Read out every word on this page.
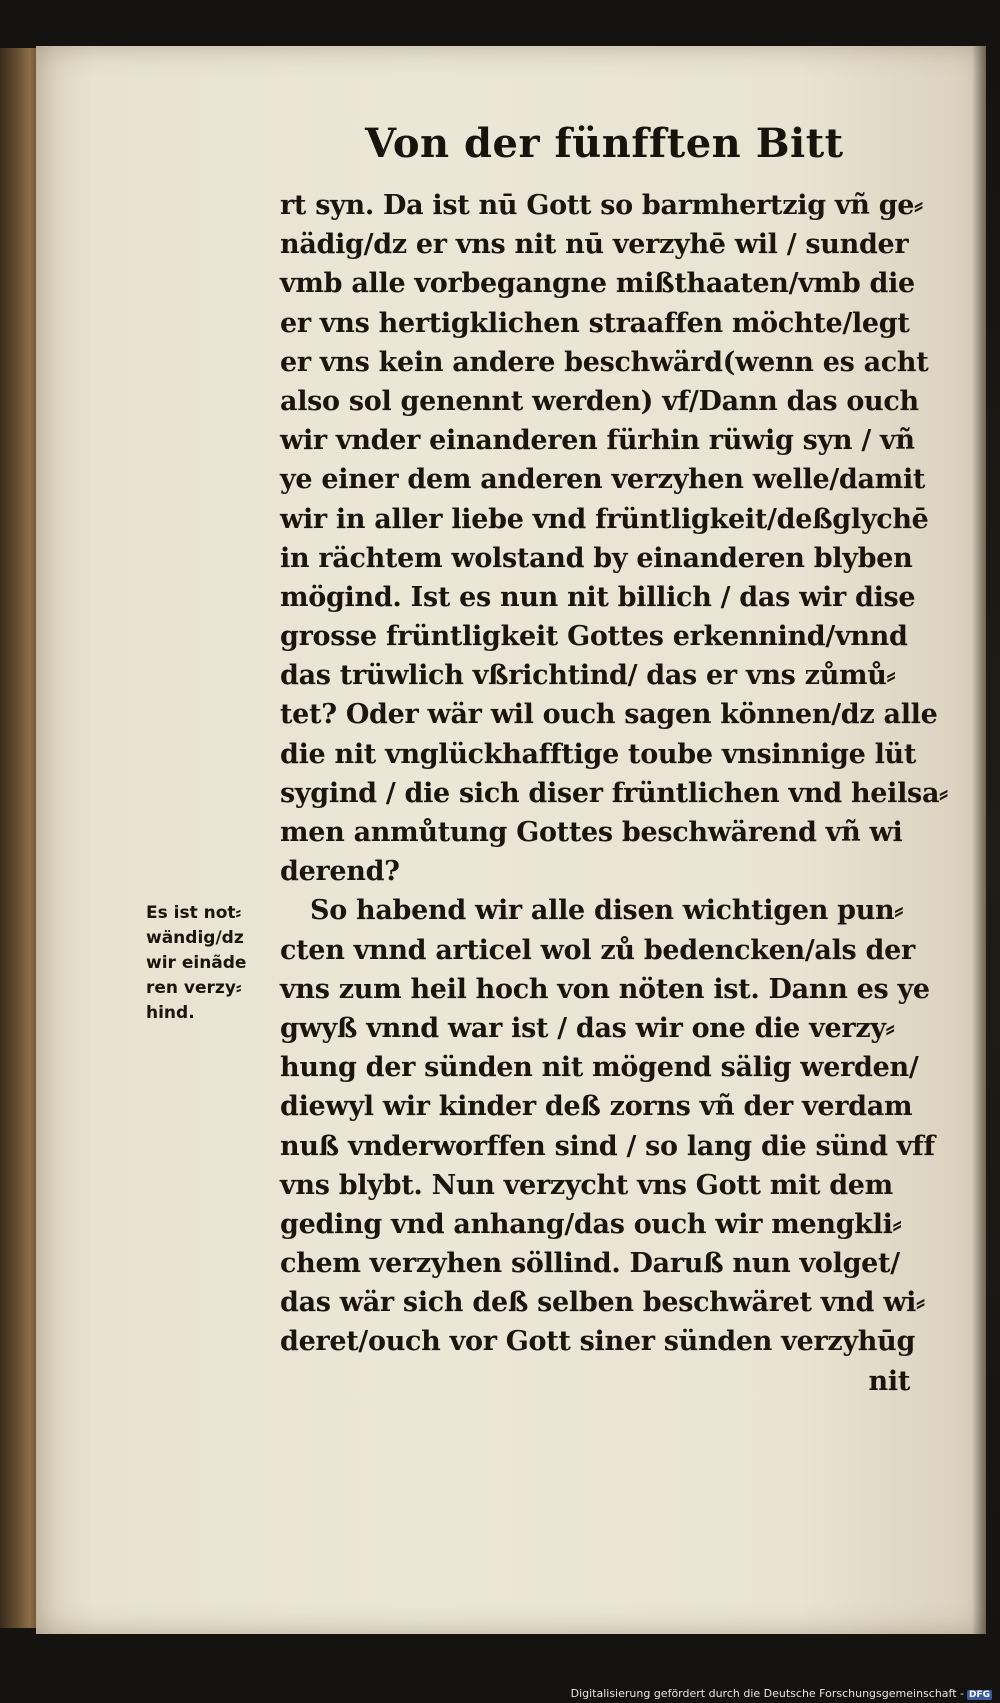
Von der fünfften Bitt
rt syn. Da ist nū Gott so barmhertzig vñ ge⸗
nädig/dz er vns nit nū verzyhē wil / sunder
vmb alle vorbegangne mißthaaten/vmb die
er vns hertigklichen straaffen möchte/legt
er vns kein andere beschwärd(wenn es acht
also sol genennt werden) vf/Dann das ouch
wir vnder einanderen fürhin rüwig syn / vñ
ye einer dem anderen verzyhen welle/damit
wir in aller liebe vnd früntligkeit/deßglychē
in rächtem wolstand by einanderen blyben
mögind. Ist es nun nit billich / das wir dise
grosse früntligkeit Gottes erkennind/vnnd
das trüwlich vßrichtind/ das er vns zůmů⸗
tet? Oder wär wil ouch sagen können/dz alle
die nit vnglückhafftige toube vnsinnige lüt
sygind / die sich diser früntlichen vnd heilsa⸗
men anmůtung Gottes beschwärend vñ wi
derend?
So habend wir alle disen wichtigen pun⸗
cten vnnd articel wol zů bedencken/als der
vns zum heil hoch von nöten ist. Dann es ye
gwyß vnnd war ist / das wir one die verzy⸗
hung der sünden nit mögend sälig werden/
diewyl wir kinder deß zorns vñ der verdam
nuß vnderworffen sind / so lang die sünd vff
vns blybt. Nun verzycht vns Gott mit dem
geding vnd anhang/das ouch wir mengkli⸗
chem verzyhen söllind. Daruß nun volget/
das wär sich deß selben beschwäret vnd wi⸗
deret/ouch vor Gott siner sünden verzyhūg
nit
Es ist not⸗
wändig/dz
wir einãde
ren verzy⸗
hind.
Digitalisierung gefördert durch die Deutsche Forschungsgemeinschaft - DFG
